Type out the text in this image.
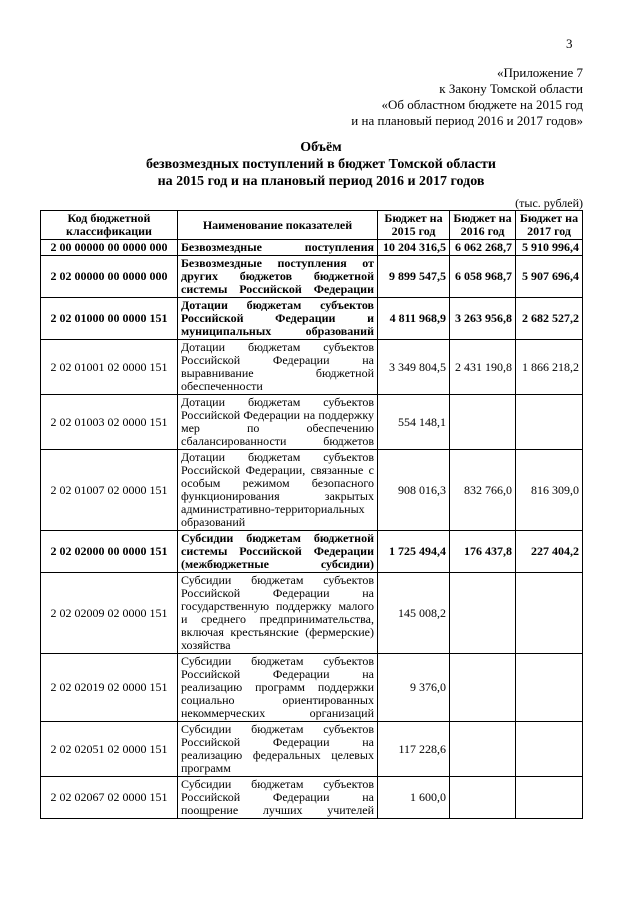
3
«Приложение 7
к Закону Томской области
«Об областном бюджете на 2015 год
и на плановый период 2016 и 2017 годов»
Объём
безвозмездных поступлений в бюджет Томской области
на 2015 год и на плановый период 2016 и 2017 годов
(тыс. рублей)
Код бюджетной классификации	Наименование показателей	Бюджет на 2015 год	Бюджет на 2016 год	Бюджет на 2017 год
2 00 00000 00 0000 000	Безвозмездные поступления	10 204 316,5	6 062 268,7	5 910 996,4
2 02 00000 00 0000 000	Безвозмездные поступления от других бюджетов бюджетной системы Российской Федерации	9 899 547,5	6 058 968,7	5 907 696,4
2 02 01000 00 0000 151	Дотации бюджетам субъектов Российской Федерации и муниципальных образований	4 811 968,9	3 263 956,8	2 682 527,2
2 02 01001 02 0000 151	Дотации бюджетам субъектов Российской Федерации на выравнивание бюджетной обеспеченности	3 349 804,5	2 431 190,8	1 866 218,2
2 02 01003 02 0000 151	Дотации бюджетам субъектов Российской Федерации на поддержку мер по обеспечению сбалансированности бюджетов	554 148,1		
2 02 01007 02 0000 151	Дотации бюджетам субъектов Российской Федерации, связанные с особым режимом безопасного функционирования закрытых административно-территориальных образований	908 016,3	832 766,0	816 309,0
2 02 02000 00 0000 151	Субсидии бюджетам бюджетной системы Российской Федерации (межбюджетные субсидии)	1 725 494,4	176 437,8	227 404,2
2 02 02009 02 0000 151	Субсидии бюджетам субъектов Российской Федерации на государственную поддержку малого и среднего предпринимательства, включая крестьянские (фермерские) хозяйства	145 008,2		
2 02 02019 02 0000 151	Субсидии бюджетам субъектов Российской Федерации на реализацию программ поддержки социально ориентированных некоммерческих организаций	9 376,0		
2 02 02051 02 0000 151	Субсидии бюджетам субъектов Российской Федерации на реализацию федеральных целевых программ	117 228,6		
2 02 02067 02 0000 151	Субсидии бюджетам субъектов Российской Федерации на поощрение лучших учителей	1 600,0		
